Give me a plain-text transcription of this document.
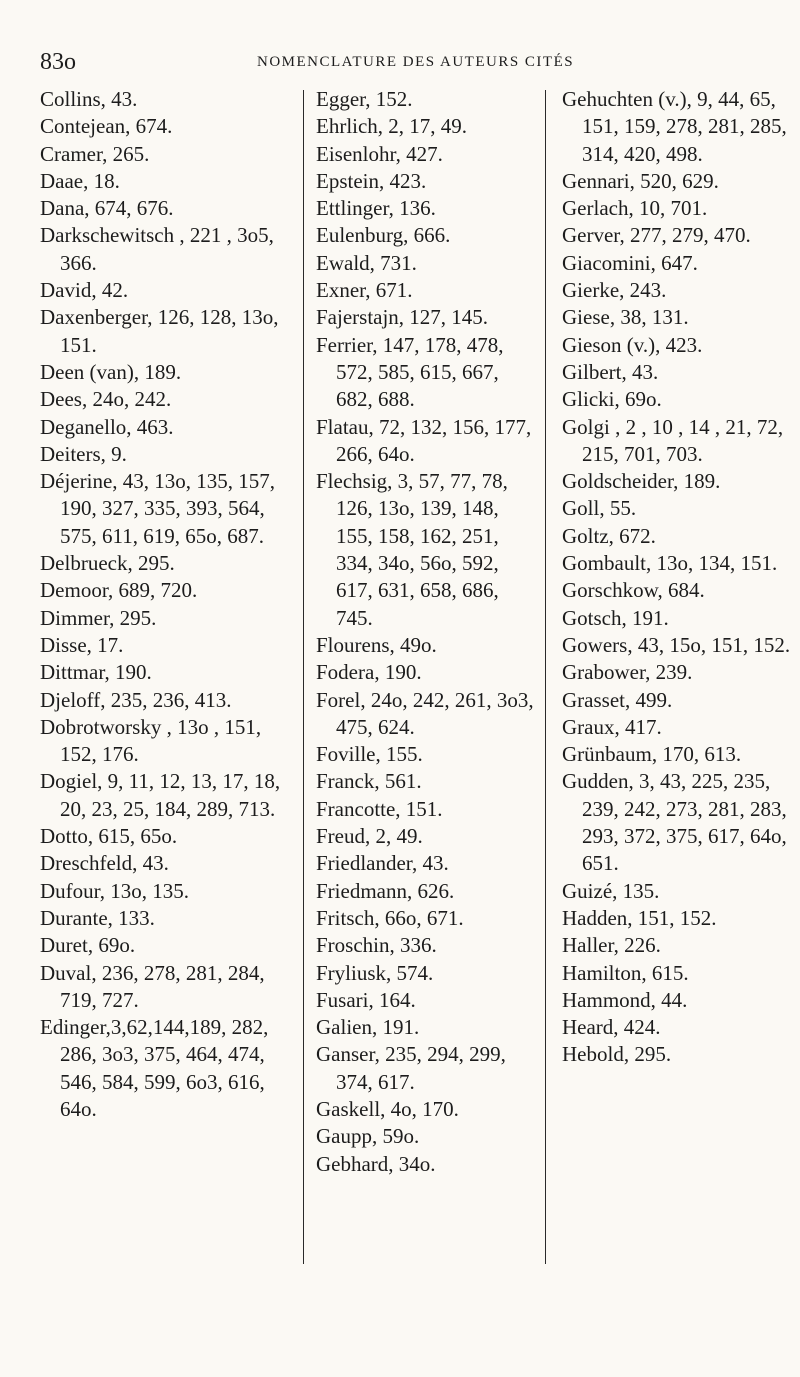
83o	NOMENCLATURE DES AUTEURS CITÉS

Collins, 43.

Contejean, 674.

Cramer, 265.

Daae, 18.

Dana, 674, 676.

Darkschewitsch , 221 , 3o5, 366.

David, 42.

Daxenberger, 126, 128, 13o, 151.

Deen (van), 189.

Dees, 24o, 242.

Deganello, 463.

Deiters, 9.

Déjerine, 43, 13o, 135, 157, 190, 327, 335, 393, 564, 575, 611, 619, 65o, 687.

Delbrueck, 295.

Demoor, 689, 720.

Dimmer, 295.

Disse, 17.

Dittmar, 190.

Djeloff, 235, 236, 413.

Dobrotworsky , 13o , 151, 152, 176.

Dogiel, 9, 11, 12, 13, 17, 18, 20, 23, 25, 184, 289, 713.

Dotto, 615, 65o.

Dreschfeld, 43.

Dufour, 13o, 135.

Durante, 133.

Duret, 69o.

Duval, 236, 278, 281, 284, 719, 727.

Edinger,3,62,144,189, 282, 286, 3o3, 375, 464, 474, 546, 584, 599, 6o3, 616, 64o.

Egger, 152.

Ehrlich, 2, 17, 49.

Eisenlohr, 427.

Epstein, 423.

Ettlinger, 136.

Eulenburg, 666.

Ewald, 731.

Exner, 671.

Fajerstajn, 127, 145.

Ferrier, 147, 178, 478, 572, 585, 615, 667, 682, 688.

Flatau, 72, 132, 156, 177, 266, 64o.

Flechsig, 3, 57, 77, 78, 126, 13o, 139, 148, 155, 158, 162, 251, 334, 34o, 56o, 592, 617, 631, 658, 686, 745.

Flourens, 49o.

Fodera, 190.

Forel, 24o, 242, 261, 3o3, 475, 624.

Foville, 155.

Franck, 561.

Francotte, 151.

Freud, 2, 49.

Friedlander, 43.

Friedmann, 626.

Fritsch, 66o, 671.

Froschin, 336.

Fryliusk, 574.

Fusari, 164.

Galien, 191.

Ganser, 235, 294, 299, 374, 617.

Gaskell, 4o, 170.

Gaupp, 59o.

Gebhard, 34o.

Gehuchten (v.), 9, 44, 65, 151, 159, 278, 281, 285, 314, 420, 498.

Gennari, 520, 629.

Gerlach, 10, 701.

Gerver, 277, 279, 470.

Giacomini, 647.

Gierke, 243.

Giese, 38, 131.

Gieson (v.), 423.

Gilbert, 43.

Glicki, 69o.

Golgi , 2 , 10 , 14 , 21, 72, 215, 701, 703.

Goldscheider, 189.

Goll, 55.

Goltz, 672.

Gombault, 13o, 134, 151.

Gorschkow, 684.

Gotsch, 191.

Gowers, 43, 15o, 151, 152.

Grabower, 239.

Grasset, 499.

Graux, 417.

Grünbaum, 170, 613.

Gudden, 3, 43, 225, 235, 239, 242, 273, 281, 283, 293, 372, 375, 617, 64o, 651.

Guizé, 135.

Hadden, 151, 152.

Haller, 226.

Hamilton, 615.

Hammond, 44.

Heard, 424.

Hebold, 295.
